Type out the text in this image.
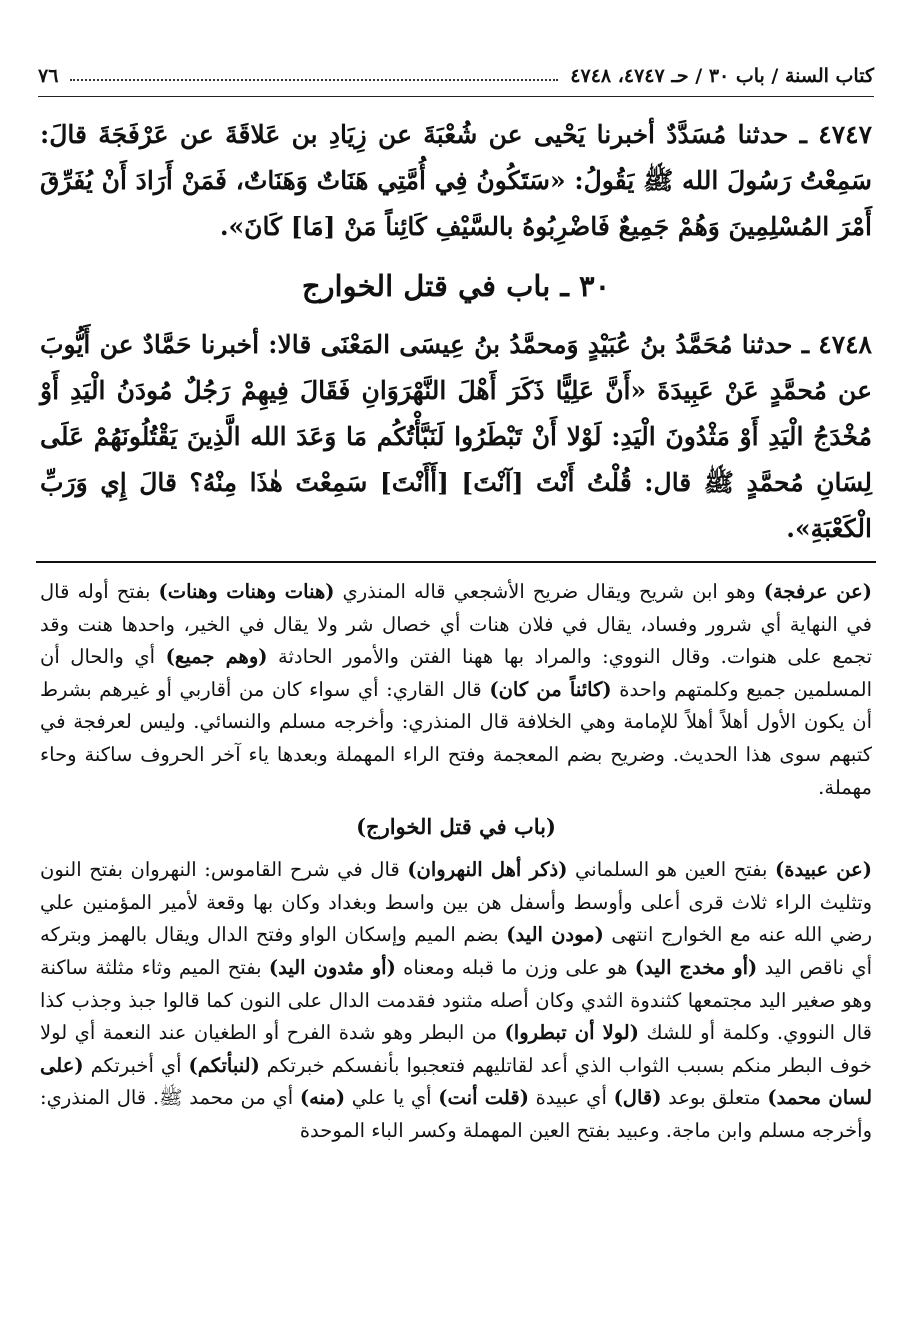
كتاب السنة / باب ٣٠ / حـ ٤٧٤٧، ٤٧٤٨
٧٦

٤٧٤٧ ـ حدثنا مُسَدَّدٌ أخبرنا يَحْيى عن شُعْبَةَ عن زِيَادِ بن عَلاقَةَ عن عَرْفَجَةَ قالَ: سَمِعْتُ رَسُولَ الله ﷺ يَقُولُ: «سَتَكُونُ فِي أُمَّتِي هَنَاتٌ وَهَنَاتٌ، فَمَنْ أَرَادَ أَنْ يُفَرِّقَ أَمْرَ المُسْلِمِينَ وَهُمْ جَمِيعٌ فَاضْرِبُوهُ بالسَّيْفِ كَائِناً مَنْ [مَا] كَانَ».

٣٠ ـ باب في قتل الخوارج

٤٧٤٨ ـ حدثنا مُحَمَّدُ بنُ عُبَيْدٍ وَمحمَّدُ بنُ عِيسَى المَعْنَى قالا: أخبرنا حَمَّادٌ عن أَيُّوبَ عن مُحمَّدٍ عَنْ عَبِيدَةَ «أَنَّ عَلِيًّا ذَكَرَ أَهْلَ النَّهْرَوَانِ فَقَالَ فِيهِمْ رَجُلٌ مُودَنُ الْيَدِ أَوْ مُخْدَجُ الْيَدِ أَوْ مَثْدُونَ الْيَدِ: لَوْلا أَنْ تَبْطَرُوا لَنَبَّأْتُكُم مَا وَعَدَ الله الَّذِينَ يَقْتُلُونَهُمْ عَلَى لِسَانِ مُحمَّدٍ ﷺ قال: قُلْتُ أَنْتَ [آنْتَ] [أَأَنْتَ] سَمِعْتَ هٰذَا مِنْهُ؟ قالَ إِي وَرَبِّ الْكَعْبَةِ».

(عن عرفجة) وهو ابن شريح ويقال ضريح الأشجعي قاله المنذري (هنات وهنات وهنات) بفتح أوله قال في النهاية أي شرور وفساد، يقال في فلان هنات أي خصال شر ولا يقال في الخير، واحدها هنت وقد تجمع على هنوات. وقال النووي: والمراد بها ههنا الفتن والأمور الحادثة (وهم جميع) أي والحال أن المسلمين جميع وكلمتهم واحدة (كائناً من كان) قال القاري: أي سواء كان من أقاربي أو غيرهم بشرط أن يكون الأول أهلاً أهلاً للإمامة وهي الخلافة قال المنذري: وأخرجه مسلم والنسائي. وليس لعرفجة في كتبهم سوى هذا الحديث. وضريح بضم المعجمة وفتح الراء المهملة وبعدها ياء آخر الحروف ساكنة وحاء مهملة.

(باب في قتل الخوارج)

(عن عبيدة) بفتح العين هو السلماني (ذكر أهل النهروان) قال في شرح القاموس: النهروان بفتح النون وتثليث الراء ثلاث قرى أعلى وأوسط وأسفل هن بين واسط وبغداد وكان بها وقعة لأمير المؤمنين علي رضي الله عنه مع الخوارج انتهى (مودن اليد) بضم الميم وإسكان الواو وفتح الدال ويقال بالهمز وبتركه أي ناقص اليد (أو مخدج اليد) هو على وزن ما قبله ومعناه (أو مثدون اليد) بفتح الميم وثاء مثلثة ساكنة وهو صغير اليد مجتمعها كثندوة الثدي وكان أصله مثنود فقدمت الدال على النون كما قالوا جبذ وجذب كذا قال النووي. وكلمة أو للشك (لولا أن تبطروا) من البطر وهو شدة الفرح أو الطغيان عند النعمة أي لولا خوف البطر منكم بسبب الثواب الذي أعد لقاتليهم فتعجبوا بأنفسكم خبرتكم (لنبأتكم) أي أخبرتكم (على لسان محمد) متعلق بوعد (قال) أي عبيدة (قلت أنت) أي يا علي (منه) أي من محمد ﷺ. قال المنذري: وأخرجه مسلم وابن ماجة. وعبيد بفتح العين المهملة وكسر الباء الموحدة
